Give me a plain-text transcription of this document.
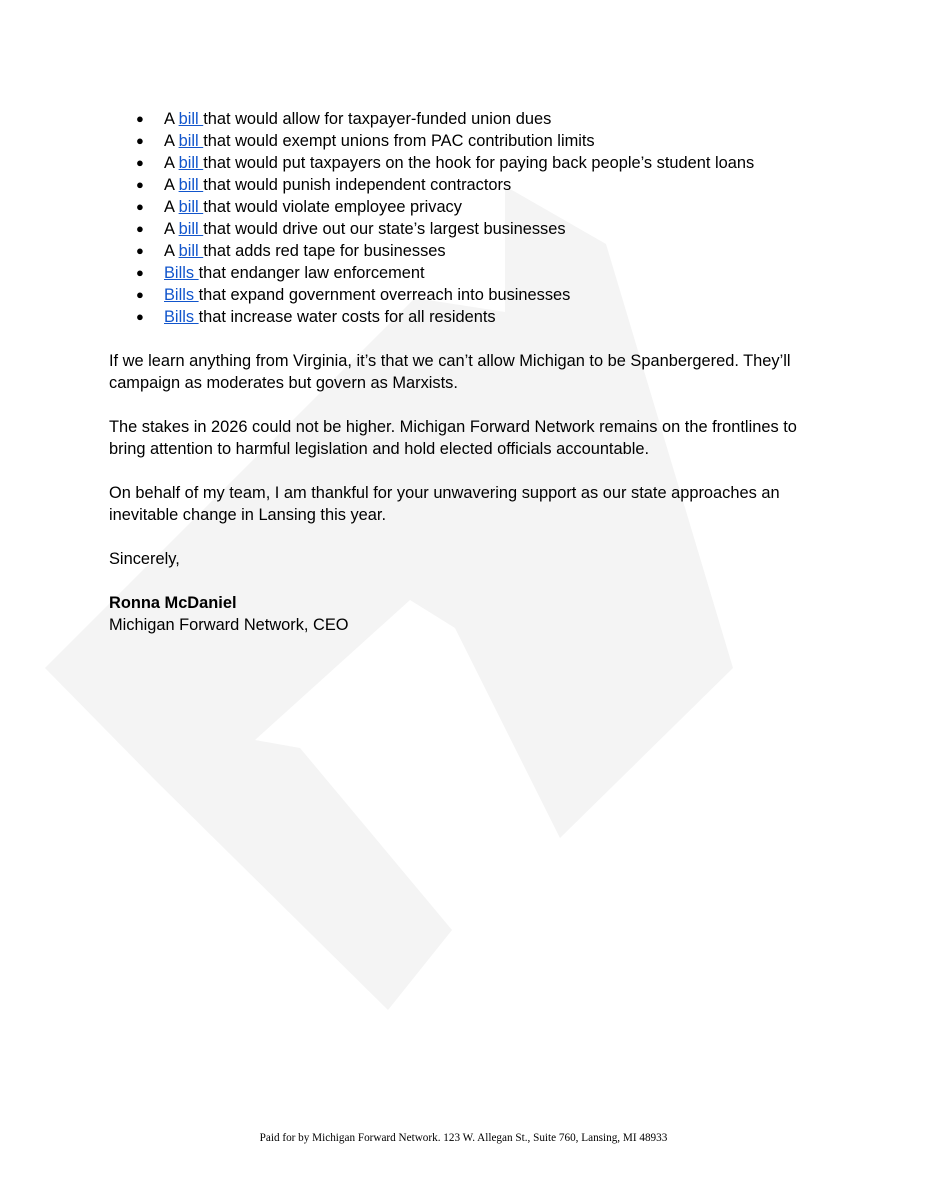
● A bill that would allow for taxpayer-funded union dues
● A bill that would exempt unions from PAC contribution limits
● A bill that would put taxpayers on the hook for paying back people’s student loans
● A bill that would punish independent contractors
● A bill that would violate employee privacy
● A bill that would drive out our state’s largest businesses
● A bill that adds red tape for businesses
● Bills that endanger law enforcement
● Bills that expand government overreach into businesses
● Bills that increase water costs for all residents

If we learn anything from Virginia, it’s that we can’t allow Michigan to be Spanbergered. They’ll campaign as moderates but govern as Marxists.

The stakes in 2026 could not be higher. Michigan Forward Network remains on the frontlines to bring attention to harmful legislation and hold elected officials accountable.

On behalf of my team, I am thankful for your unwavering support as our state approaches an inevitable change in Lansing this year.

Sincerely,

Ronna McDaniel
Michigan Forward Network, CEO
Paid for by Michigan Forward Network. 123 W. Allegan St., Suite 760, Lansing, MI 48933
